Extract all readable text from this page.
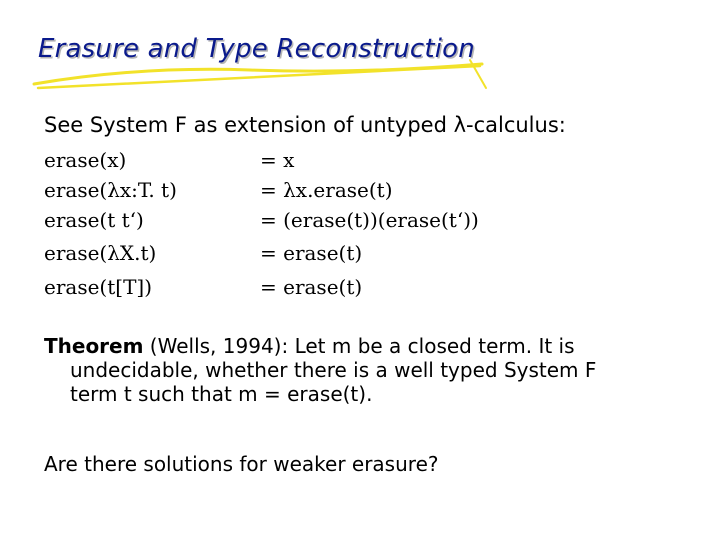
Erasure and Type Reconstruction
See System F as extension of untyped λ-calculus:
erase(x)	= x
erase(λx:T. t)	= λx.erase(t)
erase(t t‘)	= (erase(t))(erase(t‘))
erase(λX.t)	= erase(t)
erase(t[T])	= erase(t)
Theorem (Wells, 1994): Let m be a closed term. It is
undecidable, whether there is a well typed System F
term t such that m = erase(t).
Are there solutions for weaker erasure?
